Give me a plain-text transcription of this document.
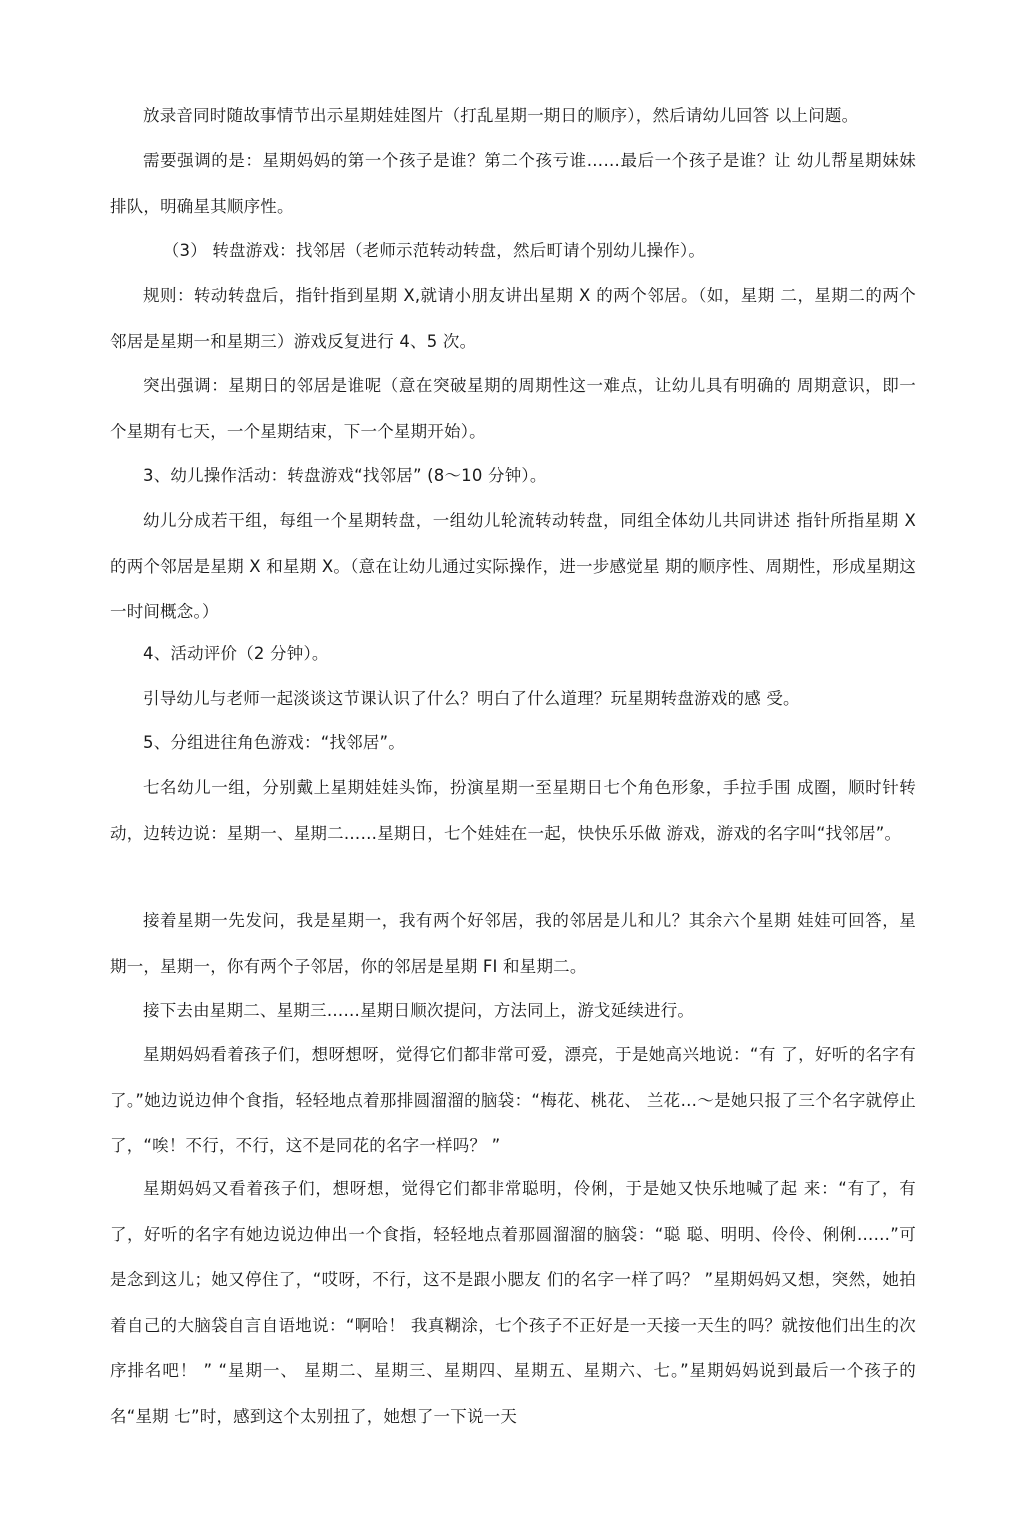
放录音同时随故事情节出示星期娃娃图片（打乱星期一期日的顺序），然后请幼儿回答 以上问题。

需要强调的是：星期妈妈的第一个孩子是谁？第二个孩亏谁……最后一个孩子是谁？让 幼儿帮星期妹妹排队，明确星其顺序性。

（3） 转盘游戏：找邻居（老师示范转动转盘，然后町请个别幼儿操作）。

规则：转动转盘后，指针指到星期 X,就请小朋友讲出星期 X 的两个邻居。（如，星期 二，星期二的两个邻居是星期一和星期三）游戏反复进行 4、5 次。

突出强调：星期日的邻居是谁呢（意在突破星期的周期性这一难点，让幼儿具有明确的 周期意识，即一个星期有七天，一个星期结束，下一个星期开始）。

3、幼儿操作活动：转盘游戏“找邻居” (8～10 分钟）。

幼儿分成若干组，每组一个星期转盘，一组幼儿轮流转动转盘，同组全体幼儿共同讲述 指针所指星期 X 的两个邻居是星期 X 和星期 X。（意在让幼儿通过实际操作，进一步感觉星 期的顺序性、周期性，形成星期这一时间概念。）

4、活动评价（2 分钟）。

引导幼儿与老师一起淡谈这节课认识了什么？明白了什么道理？玩星期转盘游戏的感 受。

5、分组进往角色游戏：“找邻居”。

七名幼儿一组，分别戴上星期娃娃头饰，扮演星期一至星期日七个角色形象，手拉手围 成圈，顺时针转动，边转边说：星期一、星期二……星期日，七个娃娃在一起，快快乐乐做 游戏，游戏的名字叫“找邻居”。

接着星期一先发问，我是星期一，我有两个好邻居，我的邻居是儿和儿？其余六个星期 娃娃可回答，星期一，星期一，你有两个子邻居，你的邻居是星期 FI 和星期二。

接下去由星期二、星期三……星期日顺次提问，方法同上，游戈延续进行。

星期妈妈看着孩子们，想呀想呀，觉得它们都非常可爱，漂亮，于是她高兴地说：“有 了，好听的名字有了。”她边说边伸个食指，轻轻地点着那排圆溜溜的脑袋：“梅花、桃花、 兰花…～是她只报了三个名字就停止了，“唉！不行，不行，这不是同花的名字一样吗？ ”

星期妈妈又看着孩子们，想呀想，觉得它们都非常聪明，伶俐，于是她又快乐地喊了起 来：“有了，有了，好听的名字有她边说边伸出一个食指，轻轻地点着那圆溜溜的脑袋：“聪 聪、明明、伶伶、俐俐……”可是念到这儿；她又停住了，“哎呀，不行，这不是跟小腮友 们的名字一样了吗？ ”星期妈妈又想，突然，她拍着自己的大脑袋自言自语地说：“啊哈！ 我真糊涂，七个孩子不正好是一天接一天生的吗？就按他们出生的次序排名吧！ ” “星期一、 星期二、星期三、星期四、星期五、星期六、七。”星期妈妈说到最后一个孩子的名“星期 七”时，感到这个太别扭了，她想了一下说一天
